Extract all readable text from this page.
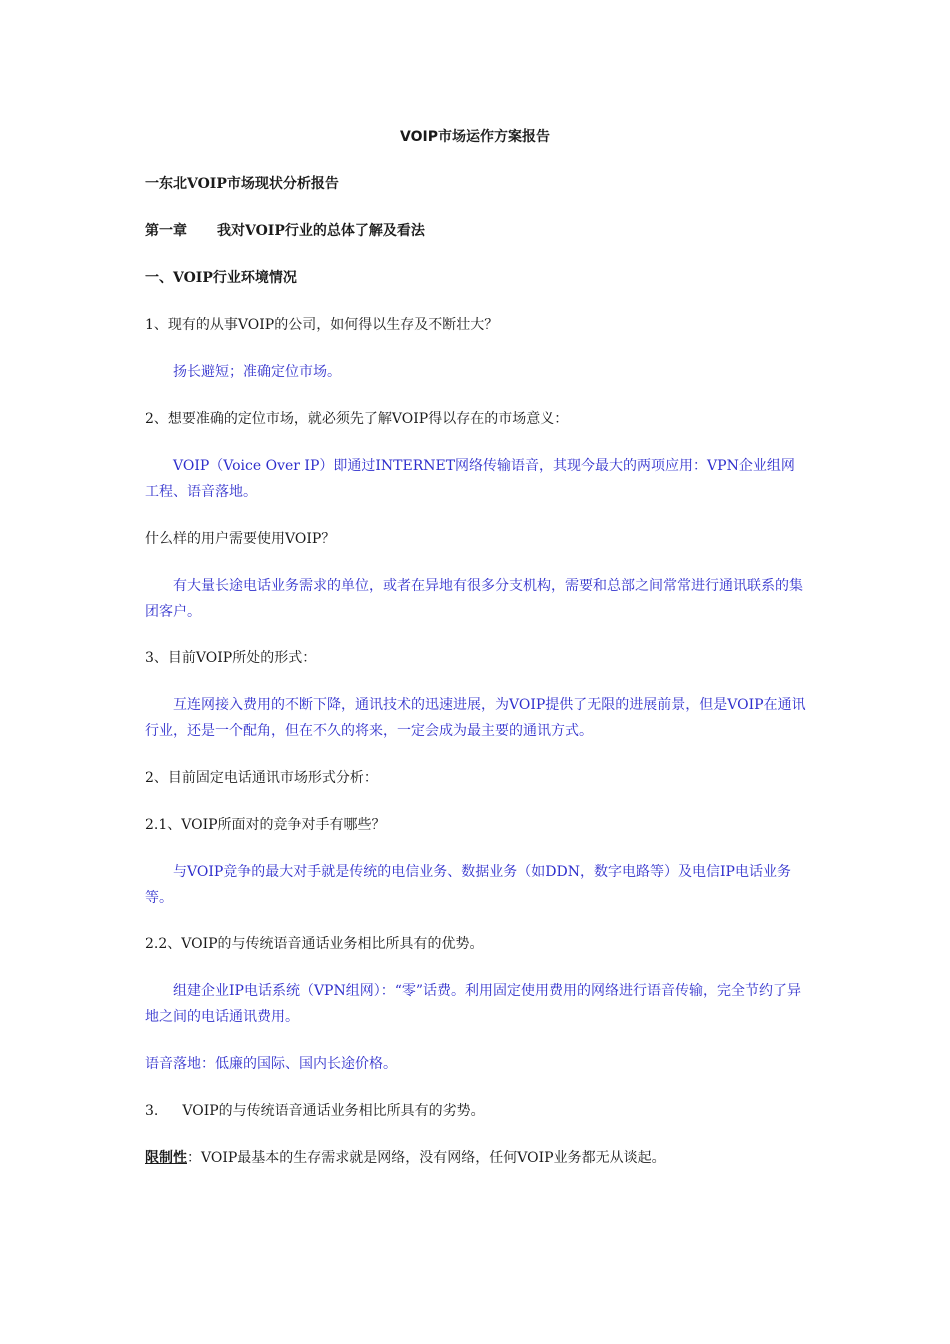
VOIP市场运作方案报告
一东北VOIP市场现状分析报告
第一章 我对VOIP行业的总体了解及看法
一、VOIP行业环境情况
1、现有的从事VOIP的公司，如何得以生存及不断壮大？
扬长避短；准确定位市场。
2、想要准确的定位市场，就必须先了解VOIP得以存在的市场意义：
VOIP（Voice Over IP）即通过INTERNET网络传输语音，其现今最大的两项应用：VPN企业组网工程、语音落地。
什么样的用户需要使用VOIP？
有大量长途电话业务需求的单位，或者在异地有很多分支机构，需要和总部之间常常进行通讯联系的集团客户。
3、目前VOIP所处的形式：
互连网接入费用的不断下降，通讯技术的迅速进展，为VOIP提供了无限的进展前景，但是VOIP在通讯行业，还是一个配角，但在不久的将来，一定会成为最主要的通讯方式。
2、目前固定电话通讯市场形式分析：
2.1、VOIP所面对的竞争对手有哪些？
与VOIP竞争的最大对手就是传统的电信业务、数据业务（如DDN，数字电路等）及电信IP电话业务等。
2.2、VOIP的与传统语音通话业务相比所具有的优势。
组建企业IP电话系统（VPN组网）：“零”话费。利用固定使用费用的网络进行语音传输，完全节约了异地之间的电话通讯费用。
语音落地：低廉的国际、国内长途价格。
3. VOIP的与传统语音通话业务相比所具有的劣势。
限制性：VOIP最基本的生存需求就是网络，没有网络，任何VOIP业务都无从谈起。
